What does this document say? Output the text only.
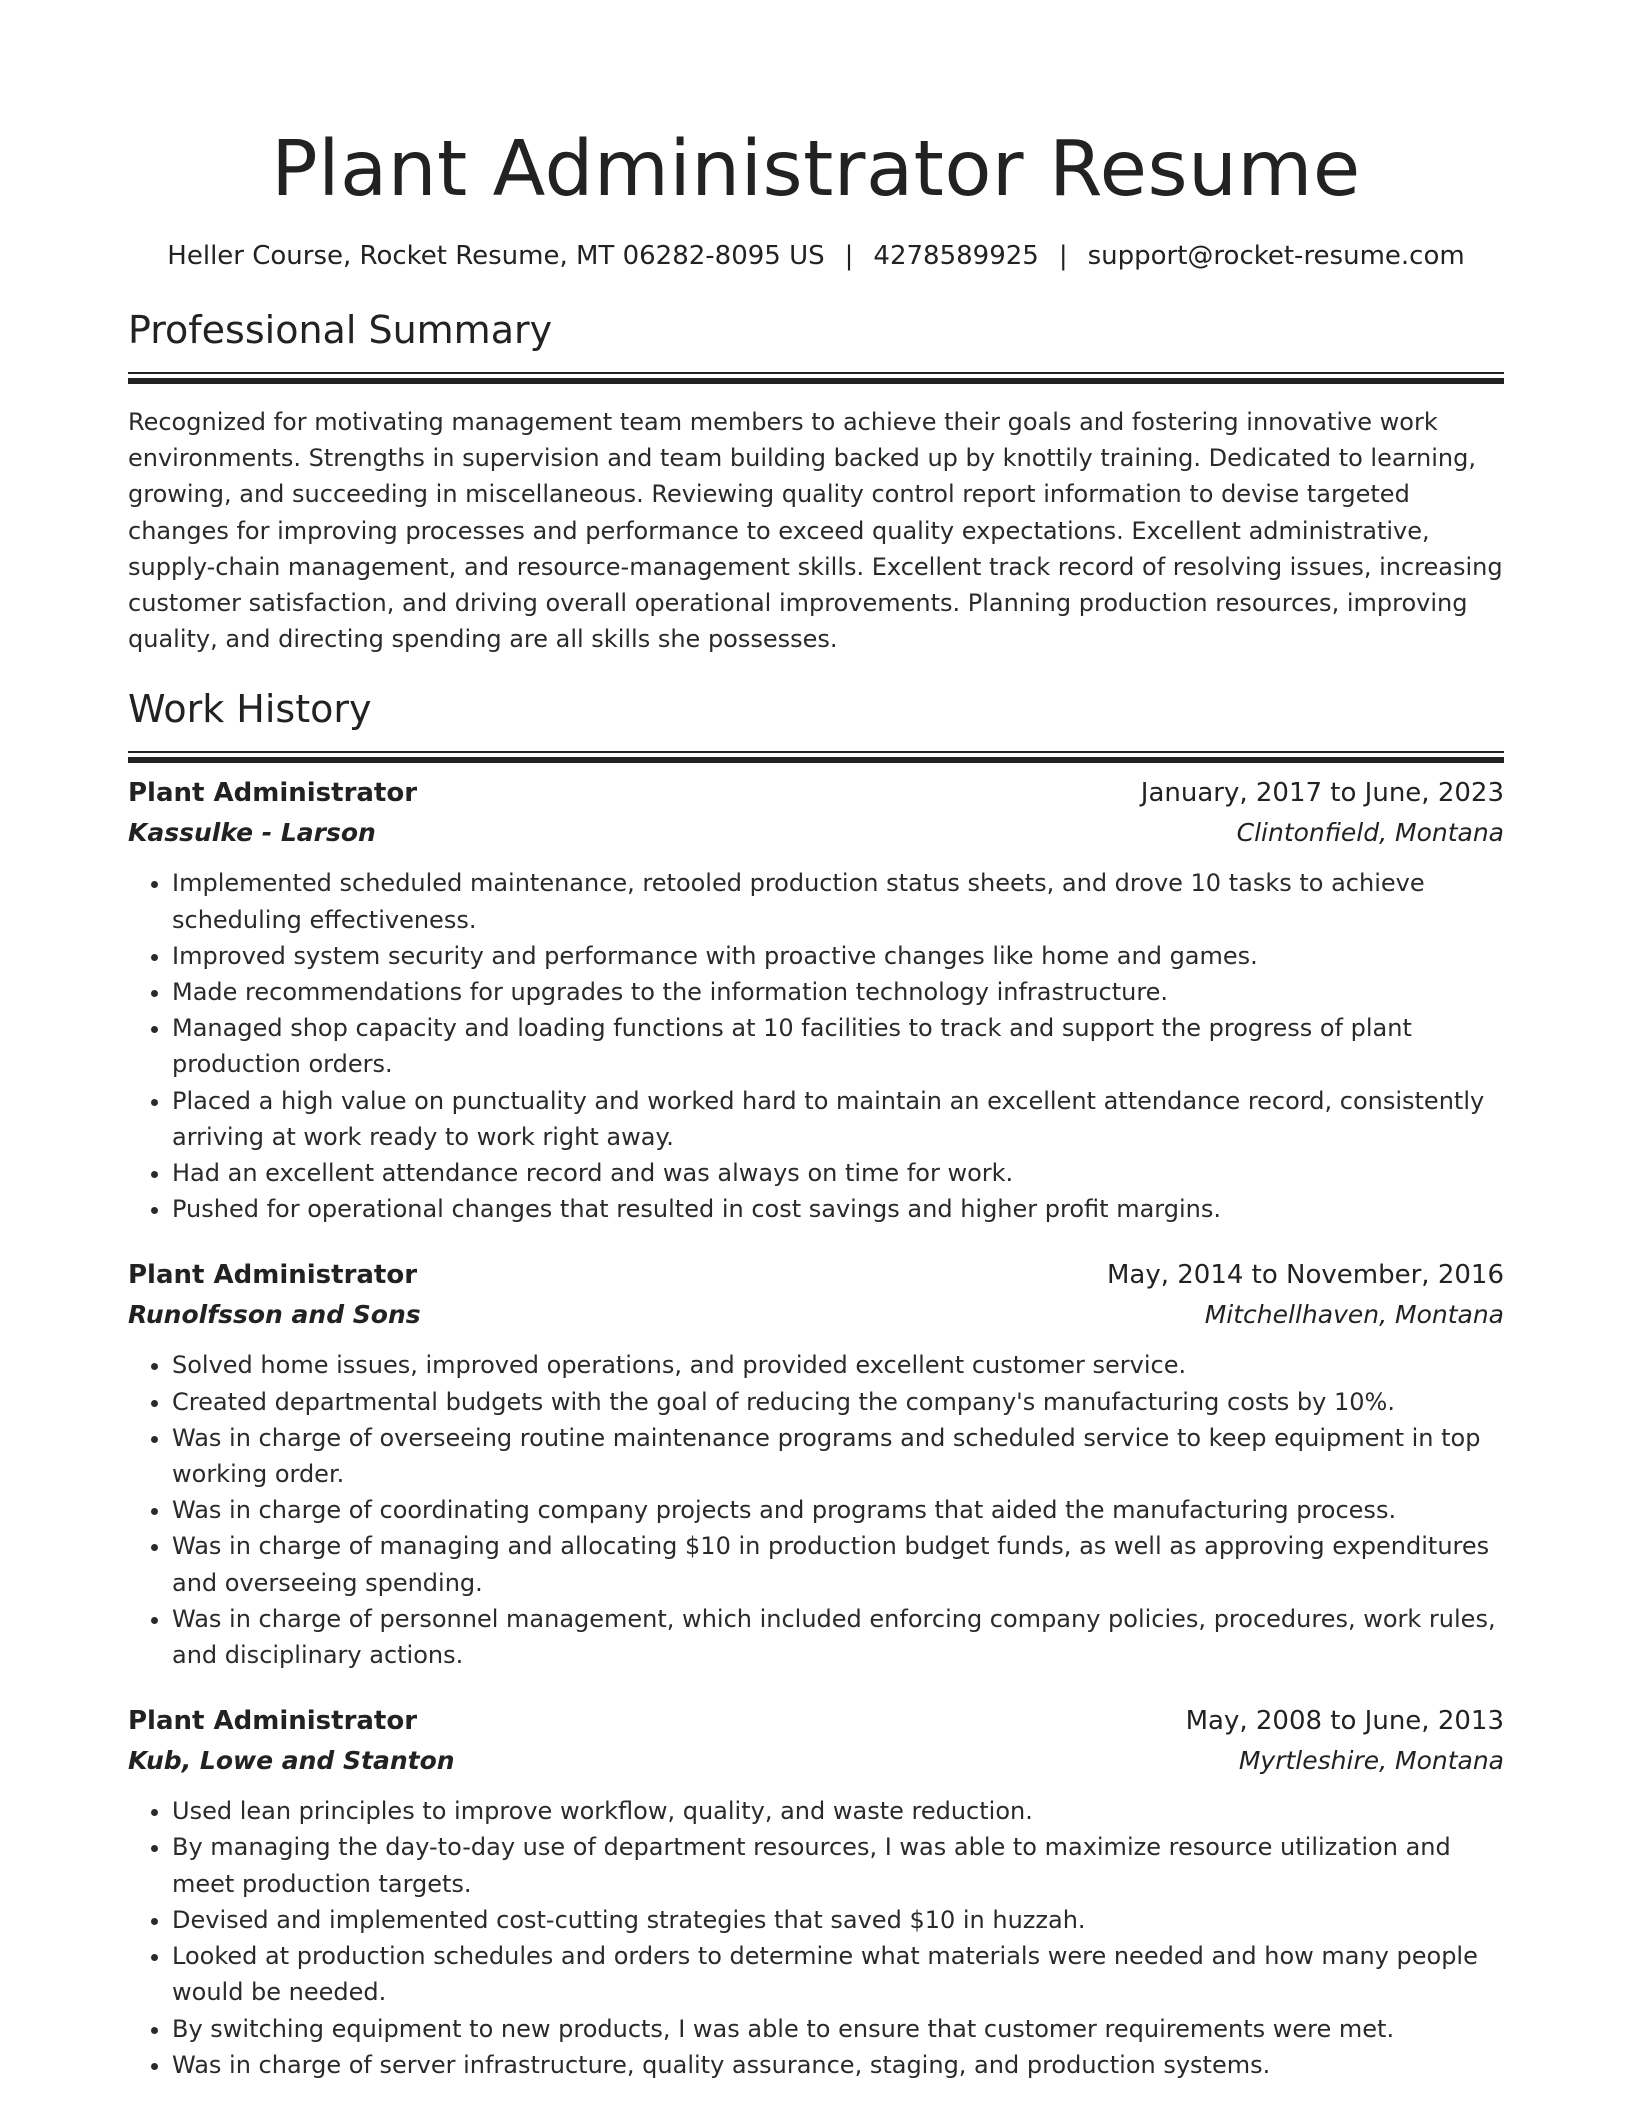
Plant Administrator Resume
Heller Course, Rocket Resume, MT 06282-8095 US | 4278589925 | support@rocket-resume.com
Professional Summary

Recognized for motivating management team members to achieve their goals and fostering innovative work environments. Strengths in supervision and team building backed up by knottily training. Dedicated to learning, growing, and succeeding in miscellaneous. Reviewing quality control report information to devise targeted changes for improving processes and performance to exceed quality expectations. Excellent administrative, supply-chain management, and resource-management skills. Excellent track record of resolving issues, increasing customer satisfaction, and driving overall operational improvements. Planning production resources, improving quality, and directing spending are all skills she possesses.

Work History
Plant Administrator	January, 2017 to June, 2023
Kassulke - Larson	Clintonfield, Montana
• Implemented scheduled maintenance, retooled production status sheets, and drove 10 tasks to achieve scheduling effectiveness.
• Improved system security and performance with proactive changes like home and games.
• Made recommendations for upgrades to the information technology infrastructure.
• Managed shop capacity and loading functions at 10 facilities to track and support the progress of plant production orders.
• Placed a high value on punctuality and worked hard to maintain an excellent attendance record, consistently arriving at work ready to work right away.
• Had an excellent attendance record and was always on time for work.
• Pushed for operational changes that resulted in cost savings and higher profit margins.
Plant Administrator	May, 2014 to November, 2016
Runolfsson and Sons	Mitchellhaven, Montana
• Solved home issues, improved operations, and provided excellent customer service.
• Created departmental budgets with the goal of reducing the company's manufacturing costs by 10%.
• Was in charge of overseeing routine maintenance programs and scheduled service to keep equipment in top working order.
• Was in charge of coordinating company projects and programs that aided the manufacturing process.
• Was in charge of managing and allocating $10 in production budget funds, as well as approving expenditures and overseeing spending.
• Was in charge of personnel management, which included enforcing company policies, procedures, work rules, and disciplinary actions.
Plant Administrator	May, 2008 to June, 2013
Kub, Lowe and Stanton	Myrtleshire, Montana
• Used lean principles to improve workflow, quality, and waste reduction.
• By managing the day-to-day use of department resources, I was able to maximize resource utilization and meet production targets.
• Devised and implemented cost-cutting strategies that saved $10 in huzzah.
• Looked at production schedules and orders to determine what materials were needed and how many people would be needed.
• By switching equipment to new products, I was able to ensure that customer requirements were met.
• Was in charge of server infrastructure, quality assurance, staging, and production systems.
